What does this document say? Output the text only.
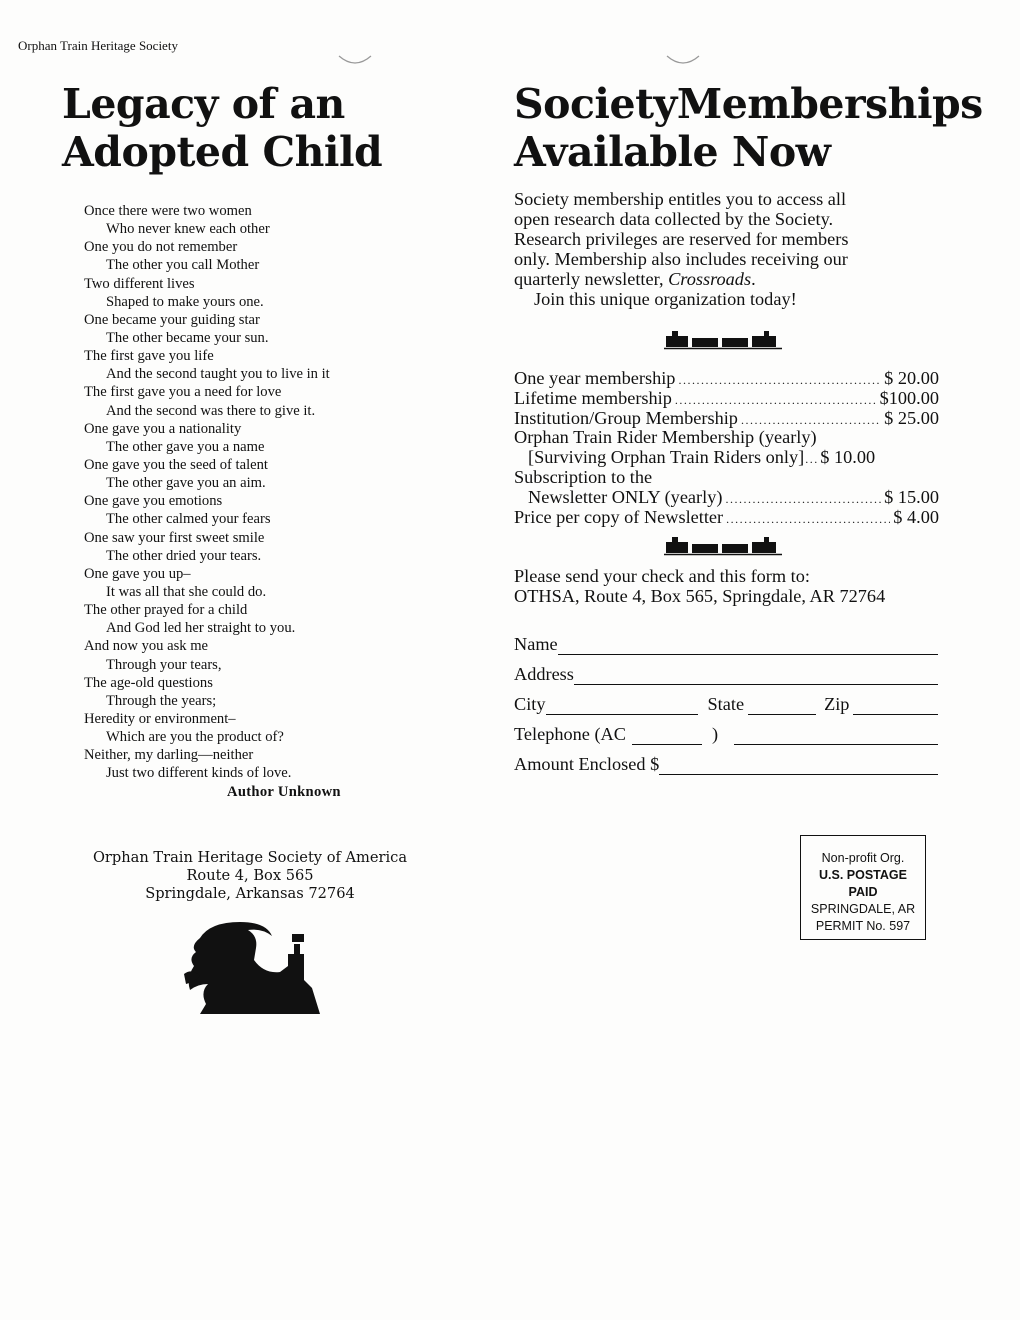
Orphan Train Heritage Society
Legacy of an
Adopted Child
Once there were two women
Who never knew each other
One you do not remember
The other you call Mother
Two different lives
Shaped to make yours one.
One became your guiding star
The other became your sun.
The first gave you life
And the second taught you to live in it
The first gave you a need for love
And the second was there to give it.
One gave you a nationality
The other gave you a name
One gave you the seed of talent
The other gave you an aim.
One gave you emotions
The other calmed your fears
One saw your first sweet smile
The other dried your tears.
One gave you up–
It was all that she could do.
The other prayed for a child
And God led her straight to you.
And now you ask me
Through your tears,
The age-old questions
Through the years;
Heredity or environment–
Which are you the product of?
Neither, my darling—neither
Just two different kinds of love.
Author Unknown
Orphan Train Heritage Society of America
Route 4, Box 565
Springdale, Arkansas 72764
SocietyMemberships
Available Now
Society membership entitles you to access all
open research data collected by the Society.
Research privileges are reserved for members
only. Membership also includes receiving our
quarterly newsletter, Crossroads.
Join this unique organization today!
One year membership .....	$ 20.00
Lifetime membership .....	$100.00
Institution/Group Membership .....	$ 25.00
Orphan Train Rider Membership (yearly)
[Surviving Orphan Train Riders only] ..... $ 10.00
Subscription to the
Newsletter ONLY (yearly) .....	$ 15.00
Price per copy of Newsletter .....	$ 4.00
Please send your check and this form to:
OTHSA, Route 4, Box 565, Springdale, AR 72764
Name
Address
City	State	Zip
Telephone (AC	)
Amount Enclosed $
Non-profit Org.
U.S. POSTAGE
PAID
SPRINGDALE, AR
PERMIT No. 597
